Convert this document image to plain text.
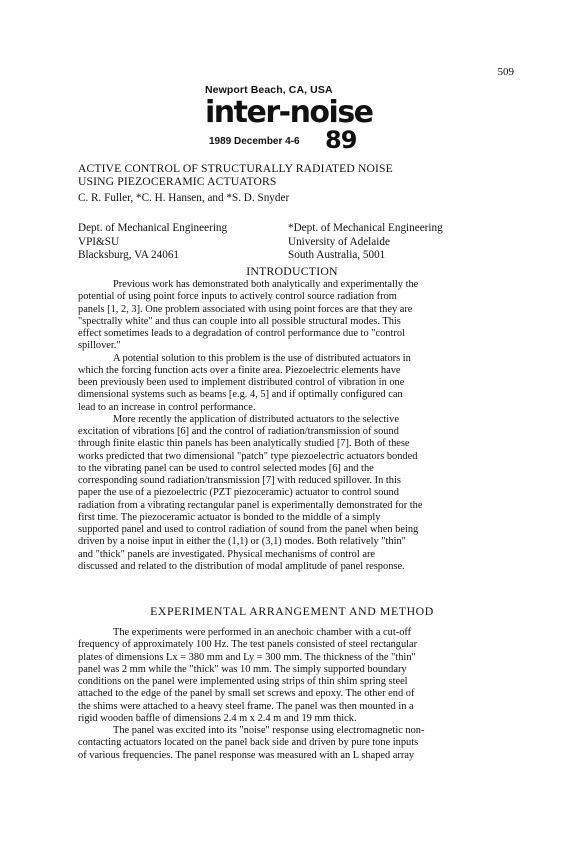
509
Newport Beach, CA, USA
inter-noise
1989 December 4-6 89
ACTIVE CONTROL OF STRUCTURALLY RADIATED NOISE
USING PIEZOCERAMIC ACTUATORS
C. R. Fuller, *C. H. Hansen, and *S. D. Snyder
Dept. of Mechanical Engineering
VPI&SU
Blacksburg, VA 24061
*Dept. of Mechanical Engineering
University of Adelaide
South Australia, 5001
INTRODUCTION
Previous work has demonstrated both analytically and experimentally the
potential of using point force inputs to actively control source radiation from
panels [1, 2, 3]. One problem associated with using point forces are that they are
"spectrally white" and thus can couple into all possible structural modes. This
effect sometimes leads to a degradation of control performance due to "control
spillover."
A potential solution to this problem is the use of distributed actuators in
which the forcing function acts over a finite area. Piezoelectric elements have
been previously been used to implement distributed control of vibration in one
dimensional systems such as beams [e.g. 4, 5] and if optimally configured can
lead to an increase in control performance.
More recently the application of distributed actuators to the selective
excitation of vibrations [6] and the control of radiation/transmission of sound
through finite elastic thin panels has been analytically studied [7]. Both of these
works predicted that two dimensional "patch" type piezoelectric actuators bonded
to the vibrating panel can be used to control selected modes [6] and the
corresponding sound radiation/transmission [7] with reduced spillover. In this
paper the use of a piezoelectric (PZT piezoceramic) actuator to control sound
radiation from a vibrating rectangular panel is experimentally demonstrated for the
first time. The piezoceramic actuator is bonded to the middle of a simply
supported panel and used to control radiation of sound from the panel when being
driven by a noise input in either the (1,1) or (3,1) modes. Both relatively "thin"
and "thick" panels are investigated. Physical mechanisms of control are
discussed and related to the distribution of modal amplitude of panel response.
EXPERIMENTAL ARRANGEMENT AND METHOD
The experiments were performed in an anechoic chamber with a cut-off
frequency of approximately 100 Hz. The test panels consisted of steel rectangular
plates of dimensions Lx = 380 mm and Ly = 300 mm. The thickness of the "thin"
panel was 2 mm while the "thick" was 10 mm. The simply supported boundary
conditions on the panel were implemented using strips of thin shim spring steel
attached to the edge of the panel by small set screws and epoxy. The other end of
the shims were attached to a heavy steel frame. The panel was then mounted in a
rigid wooden baffle of dimensions 2.4 m x 2.4 m and 19 mm thick.
The panel was excited into its "noise" response using electromagnetic non-
contacting actuators located on the panel back side and driven by pure tone inputs
of various frequencies. The panel response was measured with an L shaped array
